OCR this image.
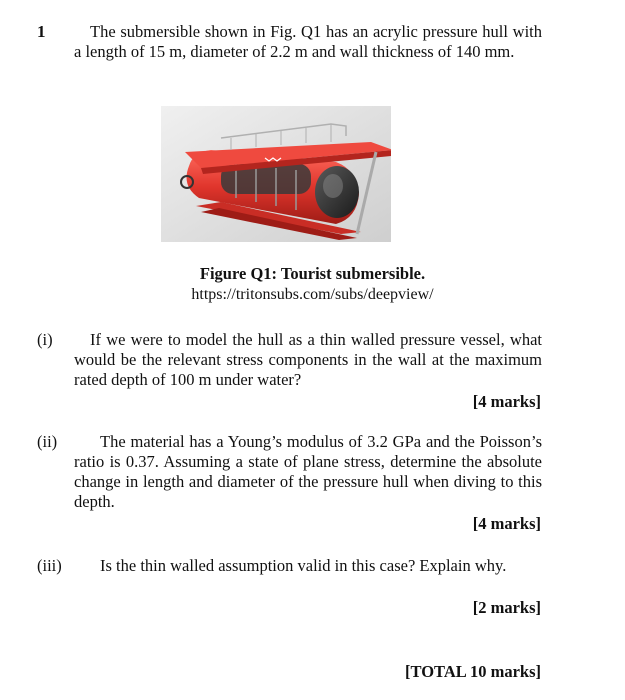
1	The submersible shown in Fig. Q1 has an acrylic pressure hull with a length of 15 m, diameter of 2.2 m and wall thickness of 140 mm.
Figure Q1: Tourist submersible.
https://tritonsubs.com/subs/deepview/
(i)	If we were to model the hull as a thin walled pressure vessel, what would be the relevant stress components in the wall at the maximum rated depth of 100 m under water?
[4 marks]
(ii)	The material has a Young’s modulus of 3.2 GPa and the Poisson’s ratio is 0.37. Assuming a state of plane stress, determine the absolute change in length and diameter of the pressure hull when diving to this depth.
[4 marks]
(iii)	Is the thin walled assumption valid in this case? Explain why.
[2 marks]
[TOTAL 10 marks]
